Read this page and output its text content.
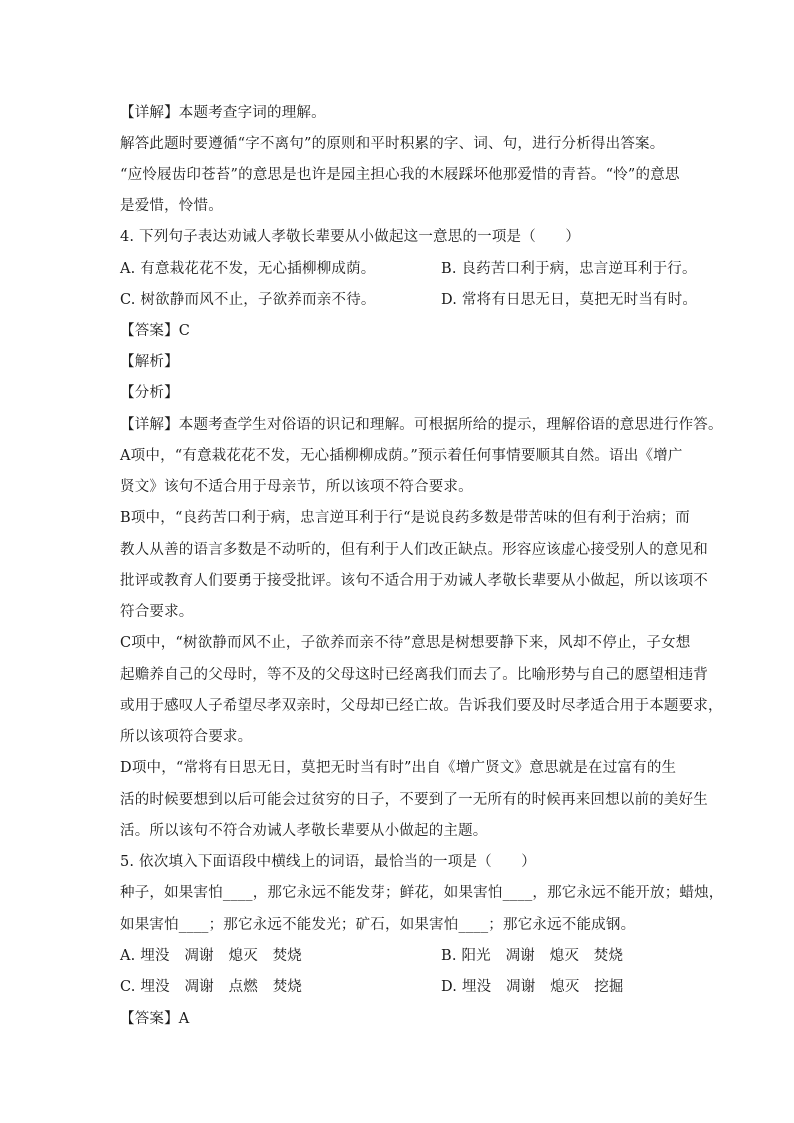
【详解】本题考查字词的理解。
解答此题时要遵循“字不离句”的原则和平时积累的字、词、句，进行分析得出答案。
“应怜屐齿印苍苔”的意思是也许是园主担心我的木屐踩坏他那爱惜的青苔。“怜”的意思
是爱惜，怜惜。
4. 下列句子表达劝诫人孝敬长辈要从小做起这一意思的一项是（　　）
A. 有意栽花花不发，无心插柳柳成荫。	B. 良药苦口利于病，忠言逆耳利于行。
C. 树欲静而风不止，子欲养而亲不待。	D. 常将有日思无日，莫把无时当有时。
【答案】C
【解析】
【分析】
【详解】本题考查学生对俗语的识记和理解。可根据所给的提示，理解俗语的意思进行作答。
A项中，“有意栽花花不发，无心插柳柳成荫。”预示着任何事情要顺其自然。语出《增广
贤文》该句不适合用于母亲节，所以该项不符合要求。
B项中，“良药苦口利于病，忠言逆耳利于行“是说良药多数是带苦味的但有利于治病；而
教人从善的语言多数是不动听的，但有利于人们改正缺点。形容应该虚心接受别人的意见和
批评或教育人们要勇于接受批评。该句不适合用于劝诫人孝敬长辈要从小做起，所以该项不
符合要求。
C项中，“树欲静而风不止，子欲养而亲不待”意思是树想要静下来，风却不停止，子女想
起赡养自己的父母时，等不及的父母这时已经离我们而去了。比喻形势与自己的愿望相违背
或用于感叹人子希望尽孝双亲时，父母却已经亡故。告诉我们要及时尽孝适合用于本题要求，
所以该项符合要求。
D项中，“常将有日思无日，莫把无时当有时”出自《增广贤文》意思就是在过富有的生
活的时候要想到以后可能会过贫穷的日子，不要到了一无所有的时候再来回想以前的美好生
活。所以该句不符合劝诫人孝敬长辈要从小做起的主题。
5. 依次填入下面语段中横线上的词语，最恰当的一项是（　　）
种子，如果害怕____，那它永远不能发芽；鲜花，如果害怕____，那它永远不能开放；蜡烛，
如果害怕____；那它永远不能发光；矿石，如果害怕____；那它永远不能成钢。
A. 埋没　凋谢　熄灭　焚烧	B. 阳光　凋谢　熄灭　焚烧
C. 埋没　凋谢　点燃　焚烧	D. 埋没　凋谢　熄灭　挖掘
【答案】A
